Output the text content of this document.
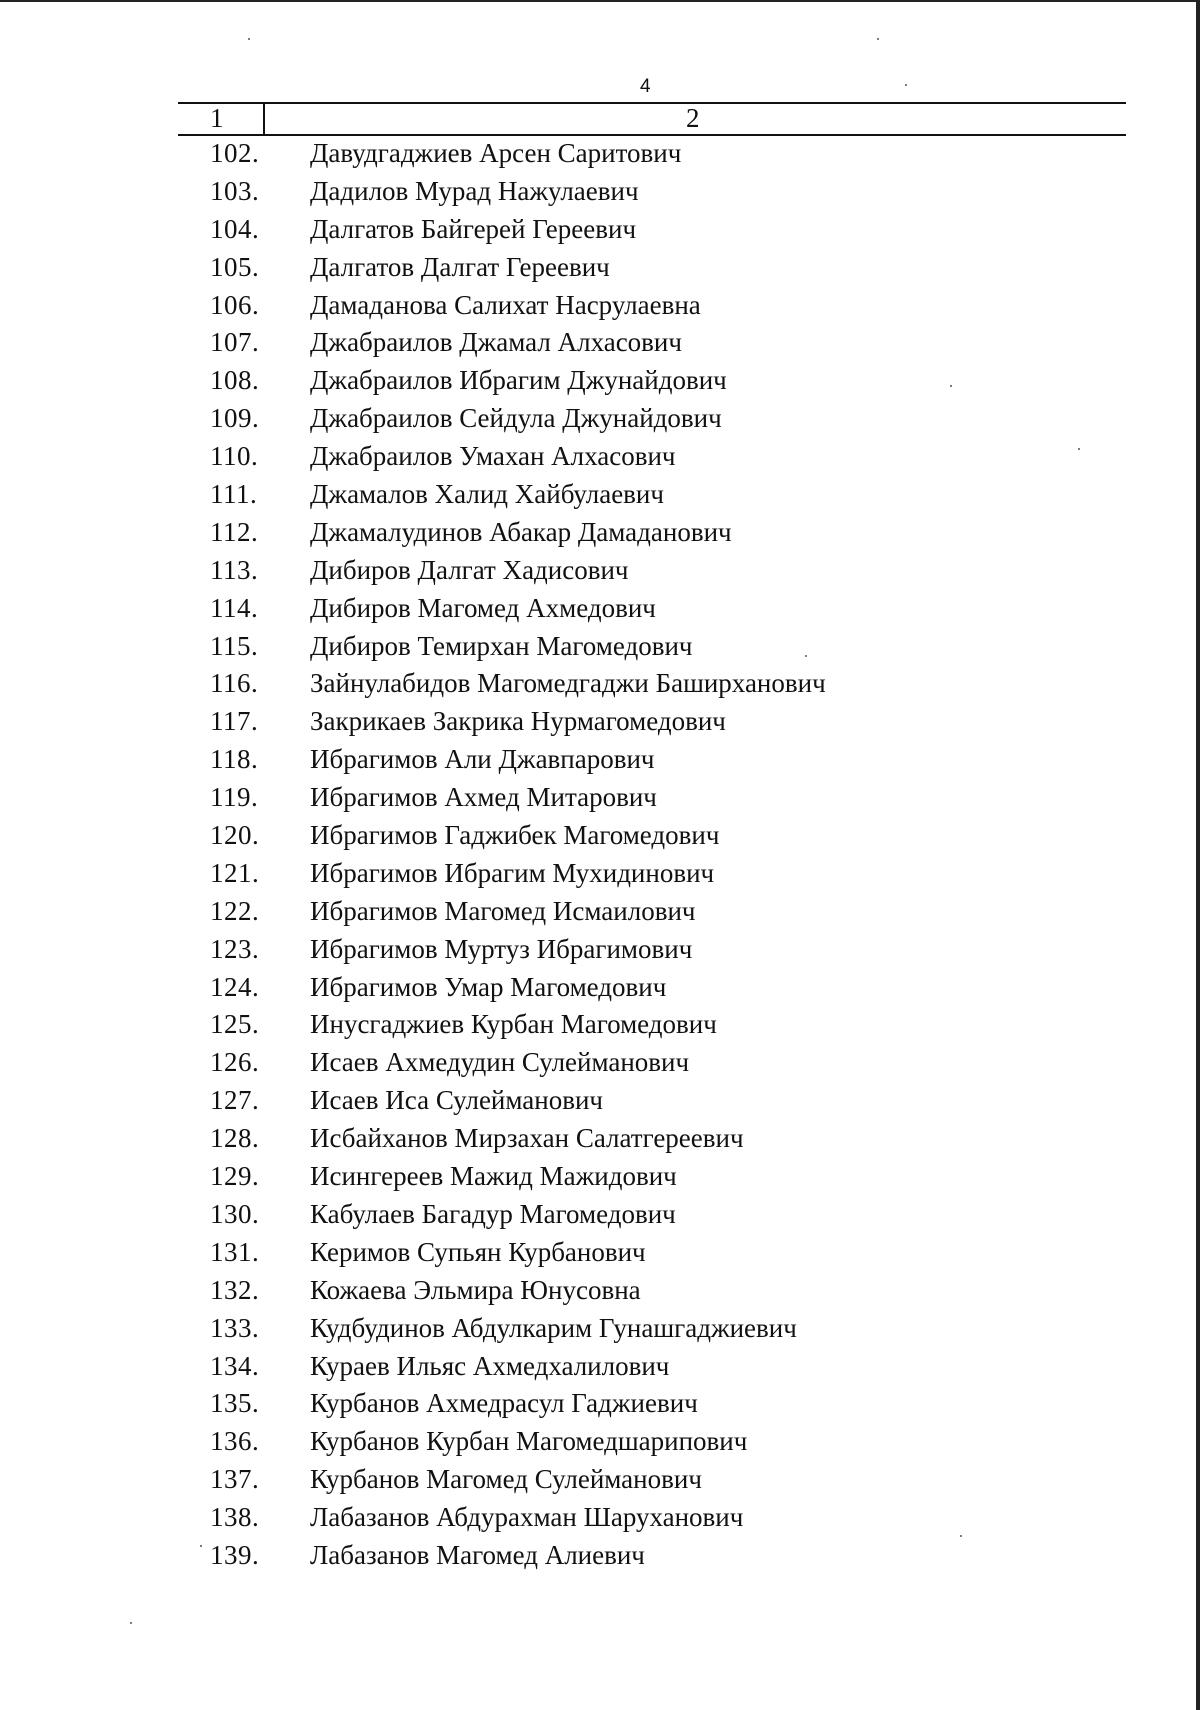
4
1	2
102. Давудгаджиев Арсен Саритович
103. Дадилов Мурад Нажулаевич
104. Далгатов Байгерей Гереевич
105. Далгатов Далгат Гереевич
106. Дамаданова Салихат Насрулаевна
107. Джабраилов Джамал Алхасович
108. Джабраилов Ибрагим Джунайдович
109. Джабраилов Сейдула Джунайдович
110. Джабраилов Умахан Алхасович
111. Джамалов Халид Хайбулаевич
112. Джамалудинов Абакар Дамаданович
113. Дибиров Далгат Хадисович
114. Дибиров Магомед Ахмедович
115. Дибиров Темирхан Магомедович
116. Зайнулабидов Магомедгаджи Баширханович
117. Закрикаев Закрика Нурмагомедович
118. Ибрагимов Али Джавпарович
119. Ибрагимов Ахмед Митарович
120. Ибрагимов Гаджибек Магомедович
121. Ибрагимов Ибрагим Мухидинович
122. Ибрагимов Магомед Исмаилович
123. Ибрагимов Муртуз Ибрагимович
124. Ибрагимов Умар Магомедович
125. Инусгаджиев Курбан Магомедович
126. Исаев Ахмедудин Сулейманович
127. Исаев Иса Сулейманович
128. Исбайханов Мирзахан Салатгереевич
129. Исингереев Мажид Мажидович
130. Кабулаев Багадур Магомедович
131. Керимов Супьян Курбанович
132. Кожаева Эльмира Юнусовна
133. Кудбудинов Абдулкарим Гунашгаджиевич
134. Кураев Ильяс Ахмедхалилович
135. Курбанов Ахмедрасул Гаджиевич
136. Курбанов Курбан Магомедшарипович
137. Курбанов Магомед Сулейманович
138. Лабазанов Абдурахман Шаруханович
139. Лабазанов Магомед Алиевич
